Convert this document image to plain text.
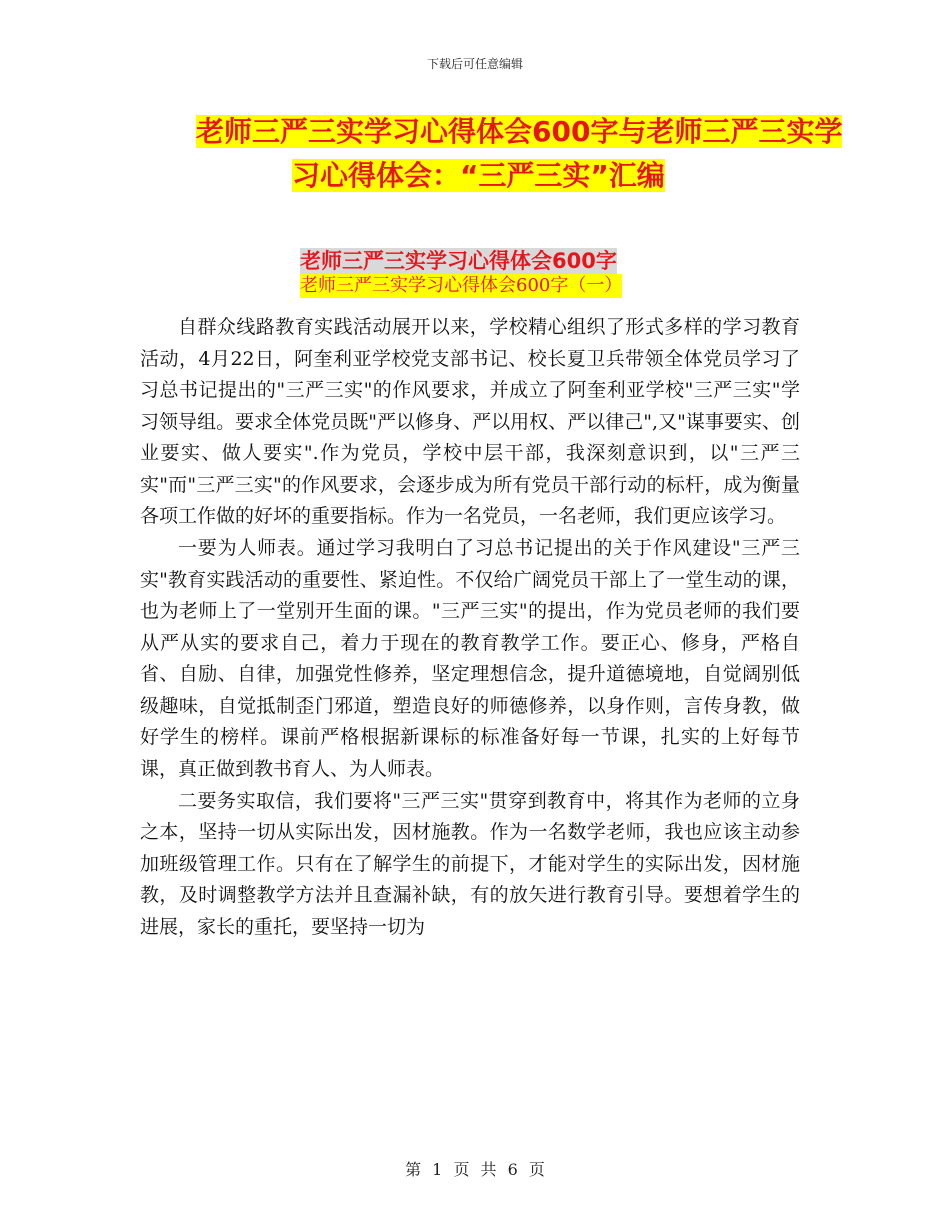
下载后可任意编辑
老师三严三实学习心得体会600字与老师三严三实学
习心得体会：“三严三实”汇编
老师三严三实学习心得体会600字
老师三严三实学习心得体会600字（一）

自群众线路教育实践活动展开以来，学校精心组织了形式多样的学习教育活动，4月22日，阿奎利亚学校党支部书记、校长夏卫兵带领全体党员学习了习总书记提出的"三严三实"的作风要求，并成立了阿奎利亚学校"三严三实"学习领导组。要求全体党员既"严以修身、严以用权、严以律己",又"谋事要实、创业要实、做人要实".作为党员，学校中层干部，我深刻意识到，以"三严三实"而"三严三实"的作风要求，会逐步成为所有党员干部行动的标杆，成为衡量各项工作做的好坏的重要指标。作为一名党员，一名老师，我们更应该学习。

一要为人师表。通过学习我明白了习总书记提出的关于作风建设"三严三实"教育实践活动的重要性、紧迫性。不仅给广阔党员干部上了一堂生动的课，也为老师上了一堂别开生面的课。"三严三实"的提出，作为党员老师的我们要从严从实的要求自己，着力于现在的教育教学工作。要正心、修身，严格自省、自励、自律，加强党性修养，坚定理想信念，提升道德境地，自觉阔别低级趣味，自觉抵制歪门邪道，塑造良好的师德修养，以身作则，言传身教，做好学生的榜样。课前严格根据新课标的标准备好每一节课，扎实的上好每节课，真正做到教书育人、为人师表。

二要务实取信，我们要将"三严三实"贯穿到教育中，将其作为老师的立身之本，坚持一切从实际出发，因材施教。作为一名数学老师，我也应该主动参加班级管理工作。只有在了解学生的前提下，才能对学生的实际出发，因材施教，及时调整教学方法并且查漏补缺，有的放矢进行教育引导。要想着学生的进展，家长的重托，要坚持一切为

第 1 页 共 6 页
